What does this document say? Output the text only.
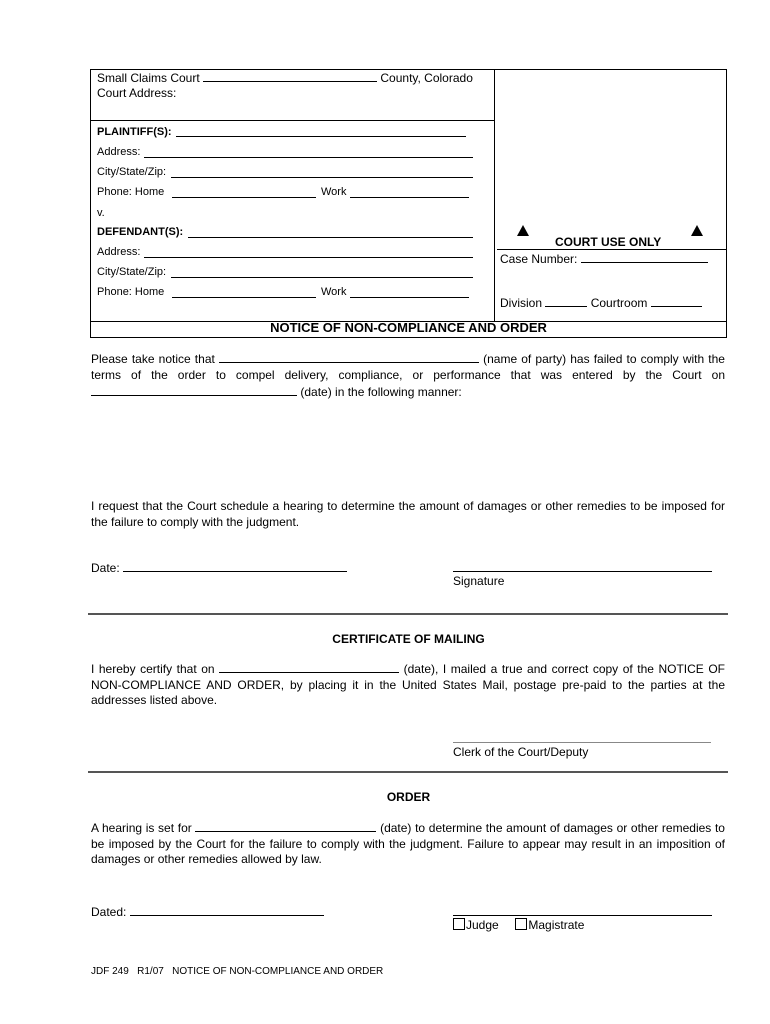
Small Claims Court	County, Colorado
Court Address:
PLAINTIFF(S):
Address:
City/State/Zip:
Phone: Home	Work
v.
DEFENDANT(S):
Address:
City/State/Zip:
Phone: Home	Work
COURT USE ONLY
Case Number:
Division	Courtroom
NOTICE OF NON-COMPLIANCE AND ORDER
Please take notice that	(name of party) has failed to comply with the terms of the order to compel delivery, compliance, or performance that was entered by the Court on  (date) in the following manner:
I request that the Court schedule a hearing to determine the amount of damages or other remedies to be imposed for the failure to comply with the judgment.
Date:
Signature
CERTIFICATE OF MAILING
I hereby certify that on	(date), I mailed a true and correct copy of the NOTICE OF NON-COMPLIANCE AND ORDER, by placing it in the United States Mail, postage pre-paid to the parties at the addresses listed above.
Clerk of the Court/Deputy
ORDER
A hearing is set for	(date) to determine the amount of damages or other remedies to be imposed by the Court for the failure to comply with the judgment. Failure to appear may result in an imposition of damages or other remedies allowed by law.
Dated:
Judge Magistrate
JDF 249   R1/07   NOTICE OF NON-COMPLIANCE AND ORDER
